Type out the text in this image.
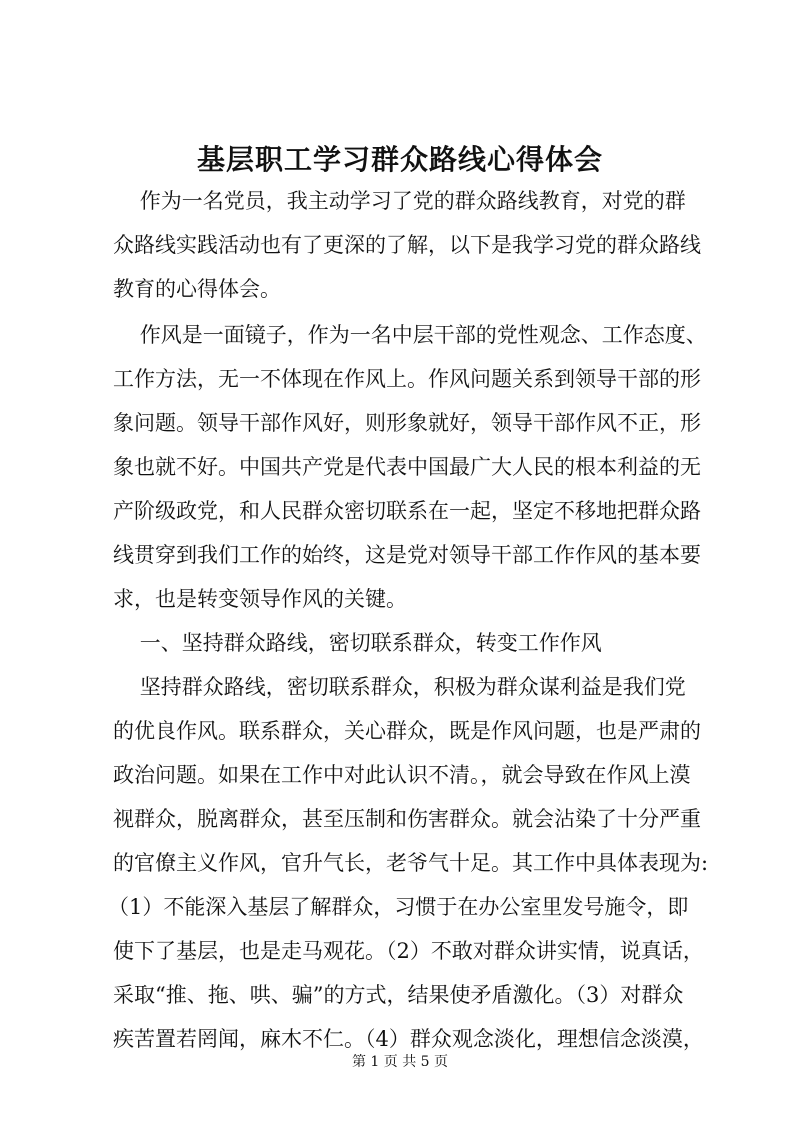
基层职工学习群众路线心得体会
作为一名党员，我主动学习了党的群众路线教育，对党的群
众路线实践活动也有了更深的了解，以下是我学习党的群众路线
教育的心得体会。
作风是一面镜子，作为一名中层干部的党性观念、工作态度、
工作方法，无一不体现在作风上。作风问题关系到领导干部的形
象问题。领导干部作风好，则形象就好，领导干部作风不正，形
象也就不好。中国共产党是代表中国最广大人民的根本利益的无
产阶级政党，和人民群众密切联系在一起，坚定不移地把群众路
线贯穿到我们工作的始终，这是党对领导干部工作作风的基本要
求，也是转变领导作风的关键。
一、坚持群众路线，密切联系群众，转变工作作风
坚持群众路线，密切联系群众，积极为群众谋利益是我们党
的优良作风。联系群众，关心群众，既是作风问题，也是严肃的
政治问题。如果在工作中对此认识不清。，就会导致在作风上漠
视群众，脱离群众，甚至压制和伤害群众。就会沾染了十分严重
的官僚主义作风，官升气长，老爷气十足。其工作中具体表现为:
（1）不能深入基层了解群众，习惯于在办公室里发号施令，即
使下了基层，也是走马观花。（2）不敢对群众讲实情，说真话，
采取“推、拖、哄、骗”的方式，结果使矛盾激化。（3）对群众
疾苦置若罔闻，麻木不仁。（4）群众观念淡化，理想信念淡漠，
第 1 页 共 5 页
